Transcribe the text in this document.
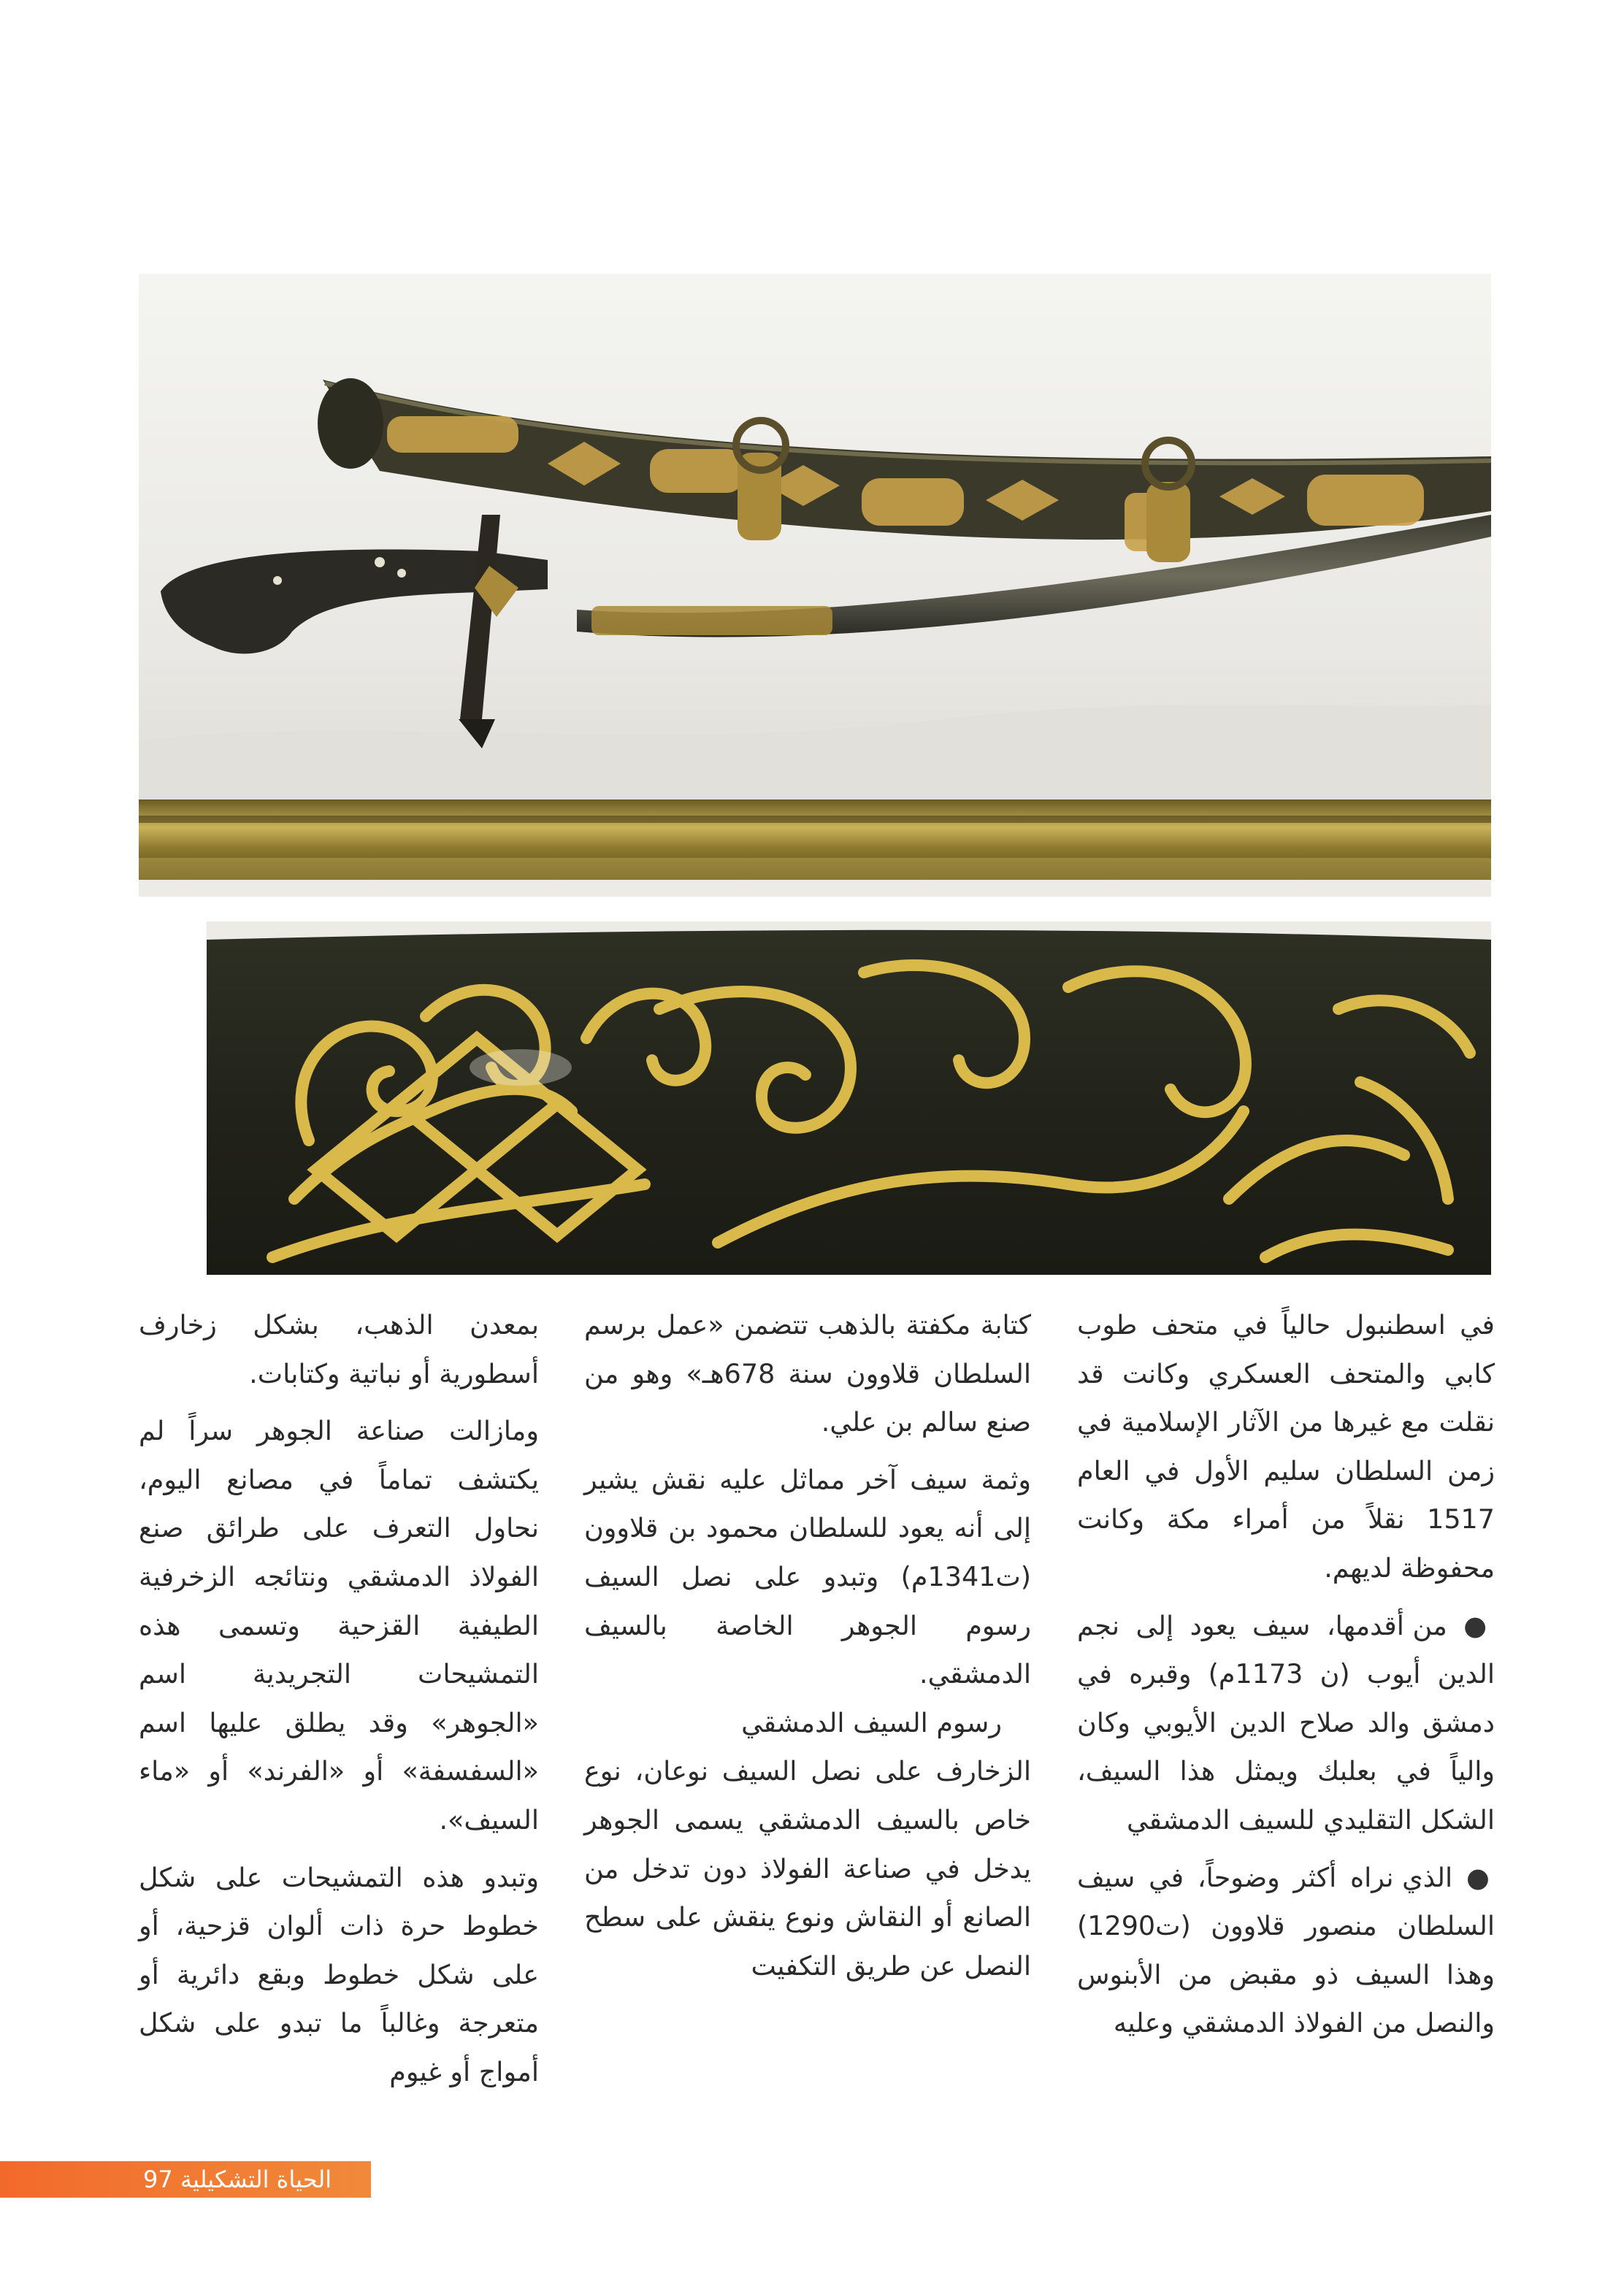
في اسطنبول حالياً في متحف طوب كابي والمتحف العسكري وكانت قد نقلت مع غيرها من الآثار الإسلامية في زمن السلطان سليم الأول في العام 1517 نقلاً من أمراء مكة وكانت محفوظة لديهم.

● من أقدمها، سيف يعود إلى نجم الدين أيوب (ن 1173م) وقبره في دمشق والد صلاح الدين الأيوبي وكان والياً في بعلبك ويمثل هذا السيف، الشكل التقليدي للسيف الدمشقي

● الذي نراه أكثر وضوحاً، في سيف السلطان منصور قلاوون (ت1290) وهذا السيف ذو مقبض من الأبنوس والنصل من الفولاذ الدمشقي وعليه

كتابة مكفتة بالذهب تتضمن «عمل برسم السلطان قلاوون سنة 678هـ» وهو من صنع سالم بن علي.

وثمة سيف آخر مماثل عليه نقش يشير إلى أنه يعود للسلطان محمود بن قلاوون (ت1341م) وتبدو على نصل السيف رسوم الجوهر الخاصة بالسيف الدمشقي.

رسوم السيف الدمشقي

الزخارف على نصل السيف نوعان، نوع خاص بالسيف الدمشقي يسمى الجوهر يدخل في صناعة الفولاذ دون تدخل من الصانع أو النقاش ونوع ينقش على سطح النصل عن طريق التكفيت

بمعدن الذهب، بشكل زخارف أسطورية أو نباتية وكتابات.

ومازالت صناعة الجوهر سراً لم يكتشف تماماً في مصانع اليوم، نحاول التعرف على طرائق صنع الفولاذ الدمشقي ونتائجه الزخرفية الطيفية القزحية وتسمى هذه التمشيحات التجريدية اسم «الجوهر» وقد يطلق عليها اسم «السفسفة» أو «الفرند» أو «ماء السيف».

وتبدو هذه التمشيحات على شكل خطوط حرة ذات ألوان قزحية، أو على شكل خطوط وبقع دائرية أو متعرجة وغالباً ما تبدو على شكل أمواج أو غيوم

الحياة التشكيلية 97
